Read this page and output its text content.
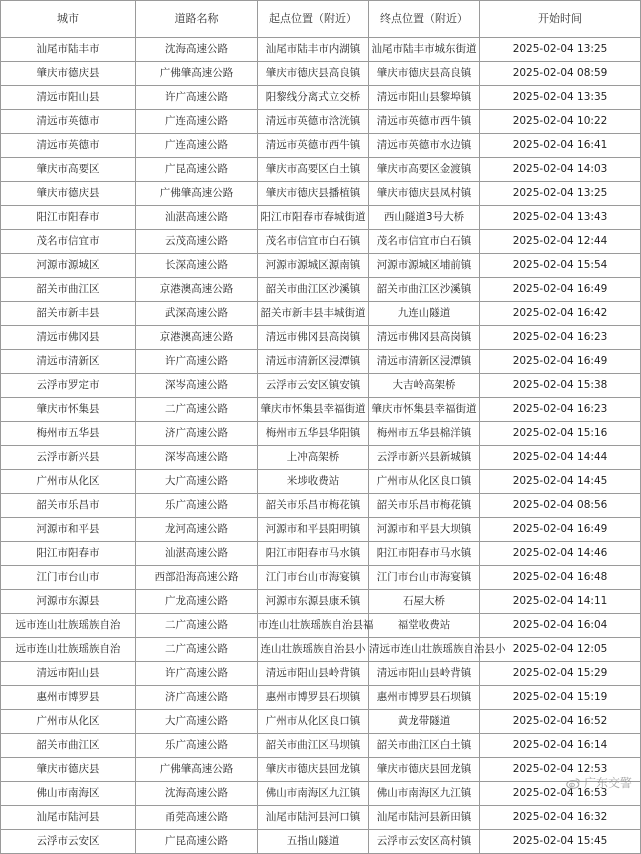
城市	道路名称	起点位置（附近）	终点位置（附近）	开始时间
汕尾市陆丰市	沈海高速公路	汕尾市陆丰市内湖镇	汕尾市陆丰市城东街道	2025-02-04 13:25
肇庆市德庆县	广佛肇高速公路	肇庆市德庆县高良镇	肇庆市德庆县高良镇	2025-02-04 08:59
清远市阳山县	许广高速公路	阳黎线分离式立交桥	清远市阳山县黎埠镇	2025-02-04 13:35
清远市英德市	广连高速公路	清远市英德市浛洸镇	清远市英德市西牛镇	2025-02-04 10:22
清远市英德市	广连高速公路	清远市英德市西牛镇	清远市英德市水边镇	2025-02-04 16:41
肇庆市高要区	广昆高速公路	肇庆市高要区白土镇	肇庆市高要区金渡镇	2025-02-04 14:03
肇庆市德庆县	广佛肇高速公路	肇庆市德庆县播植镇	肇庆市德庆县凤村镇	2025-02-04 13:25
阳江市阳春市	汕湛高速公路	阳江市阳春市春城街道	西山隧道3号大桥	2025-02-04 13:43
茂名市信宜市	云茂高速公路	茂名市信宜市白石镇	茂名市信宜市白石镇	2025-02-04 12:44
河源市源城区	长深高速公路	河源市源城区源南镇	河源市源城区埔前镇	2025-02-04 15:54
韶关市曲江区	京港澳高速公路	韶关市曲江区沙溪镇	韶关市曲江区沙溪镇	2025-02-04 16:49
韶关市新丰县	武深高速公路	韶关市新丰县丰城街道	九连山隧道	2025-02-04 16:42
清远市佛冈县	京港澳高速公路	清远市佛冈县高岗镇	清远市佛冈县高岗镇	2025-02-04 16:23
清远市清新区	许广高速公路	清远市清新区浸潭镇	清远市清新区浸潭镇	2025-02-04 16:49
云浮市罗定市	深岑高速公路	云浮市云安区镇安镇	大吉岭高架桥	2025-02-04 15:38
肇庆市怀集县	二广高速公路	肇庆市怀集县幸福街道	肇庆市怀集县幸福街道	2025-02-04 16:23
梅州市五华县	济广高速公路	梅州市五华县华阳镇	梅州市五华县棉洋镇	2025-02-04 15:16
云浮市新兴县	深岑高速公路	上冲高架桥	云浮市新兴县新城镇	2025-02-04 14:44
广州市从化区	大广高速公路	米埗收费站	广州市从化区良口镇	2025-02-04 14:45
韶关市乐昌市	乐广高速公路	韶关市乐昌市梅花镇	韶关市乐昌市梅花镇	2025-02-04 08:56
河源市和平县	龙河高速公路	河源市和平县阳明镇	河源市和平县大坝镇	2025-02-04 16:49
阳江市阳春市	汕湛高速公路	阳江市阳春市马水镇	阳江市阳春市马水镇	2025-02-04 14:46
江门市台山市	西部沿海高速公路	江门市台山市海宴镇	江门市台山市海宴镇	2025-02-04 16:48
河源市东源县	广龙高速公路	河源市东源县康禾镇	石屋大桥	2025-02-04 14:11
远市连山壮族瑶族自治	二广高速公路	市连山壮族瑶族自治县福	福堂收费站	2025-02-04 16:04
远市连山壮族瑶族自治	二广高速公路	连山壮族瑶族自治县小	清远市连山壮族瑶族自治县小	2025-02-04 12:05
清远市阳山县	许广高速公路	清远市阳山县岭背镇	清远市阳山县岭背镇	2025-02-04 15:29
惠州市博罗县	济广高速公路	惠州市博罗县石坝镇	惠州市博罗县石坝镇	2025-02-04 15:19
广州市从化区	大广高速公路	广州市从化区良口镇	黄龙带隧道	2025-02-04 16:52
韶关市曲江区	乐广高速公路	韶关市曲江区马坝镇	韶关市曲江区白土镇	2025-02-04 16:14
肇庆市德庆县	广佛肇高速公路	肇庆市德庆县回龙镇	肇庆市德庆县回龙镇	2025-02-04 12:53
佛山市南海区	沈海高速公路	佛山市南海区九江镇	佛山市南海区九江镇	2025-02-04 16:53
汕尾市陆河县	甬莞高速公路	汕尾市陆河县河口镇	汕尾市陆河县新田镇	2025-02-04 16:32
云浮市云安区	广昆高速公路	五指山隧道	云浮市云安区高村镇	2025-02-04 15:45
广东交警
